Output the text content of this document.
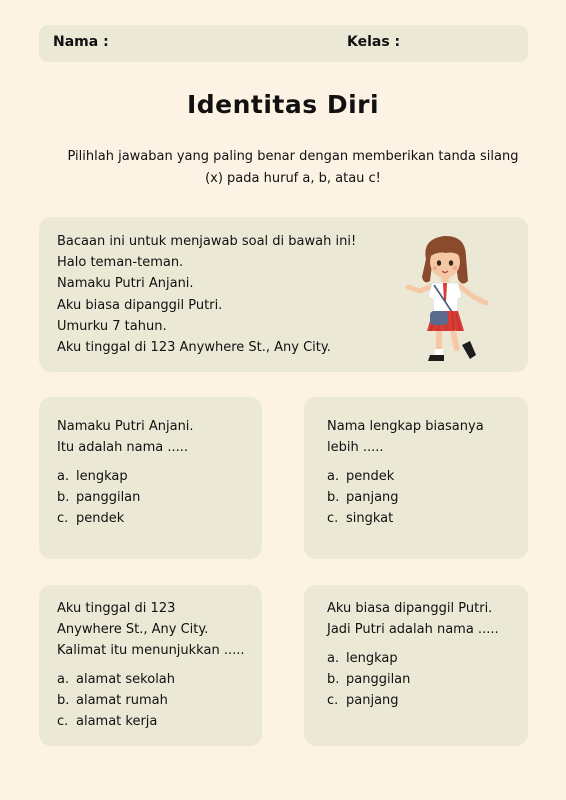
Nama :	Kelas :
Identitas Diri
Pilihlah jawaban yang paling benar dengan memberikan tanda silang
(x) pada huruf a, b, atau c!
Bacaan ini untuk menjawab soal di bawah ini!
Halo teman-teman.
Namaku Putri Anjani.
Aku biasa dipanggil Putri.
Umurku 7 tahun.
Aku tinggal di 123 Anywhere St., Any City.
Namaku Putri Anjani.
Itu adalah nama .....
a. lengkap
b. panggilan
c. pendek
Nama lengkap biasanya
lebih .....
a. pendek
b. panjang
c. singkat
Aku tinggal di 123
Anywhere St., Any City.
Kalimat itu menunjukkan .....
a. alamat sekolah
b. alamat rumah
c. alamat kerja
Aku biasa dipanggil Putri.
Jadi Putri adalah nama .....
a. lengkap
b. panggilan
c. panjang
